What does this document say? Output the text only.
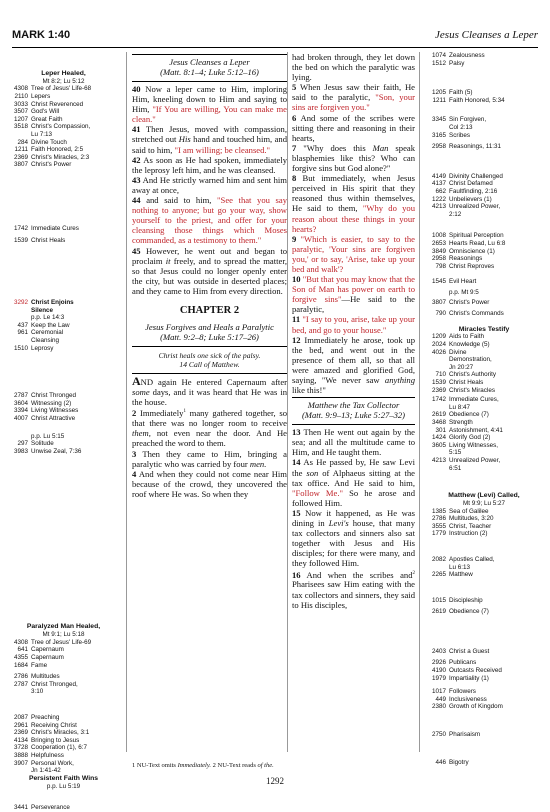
MARK 1:40	Jesus Cleanses a Leper
Leper Healed,
Mt 8:2; Lu 5:12
4308 Tree of Jesus' Life-68
2110 Lepers
3033 Christ Reverenced
3507 God's Will
1207 Great Faith
3518 Christ's Compassion,
Lu 7:13
284 Divine Touch
1211 Faith Honored, 2:5
2369 Christ's Miracles, 2:3
3807 Christ's Power
1742 Immediate Cures
1539 Christ Heals
3292 Christ Enjoins
Silence
p.p. Le 14:3
437 Keep the Law
961 Ceremonial
Cleansing
1510 Leprosy
2787 Christ Thronged
3604 Witnessing (2)
3394 Living Witnesses
4007 Christ Attractive
p.p. Lu 5:15
297 Solitude
3983 Unwise Zeal, 7:36
Paralyzed Man Healed,
Mt 9:1; Lu 5:18
4308 Tree of Jesus' Life-69
641 Capernaum
4355 Capernaum
1684 Fame
2786 Multitudes
2787 Christ Thronged,
3:10
2087 Preaching
2961 Receiving Christ
2369 Christ's Miracles, 3:1
4134 Bringing to Jesus
3728 Cooperation (1), 6:7
3888 Helpfulness
3907 Personal Work,
Jn 1:41-42
Persistent Faith Wins
p.p. Lu 5:19
3441 Perseverance
Jesus Cleanses a Leper
(Matt. 8:1–4; Luke 5:12–16)

40 Now a leper came to Him, imploring Him, kneeling down to Him and saying to Him, "If You are willing, You can make me clean."

41 Then Jesus, moved with compassion, stretched out His hand and touched him, and said to him, "I am willing; be cleansed."

42 As soon as He had spoken, immediately the leprosy left him, and he was cleansed.

43 And He strictly warned him and sent him away at once,

44 and said to him, "See that you say nothing to anyone; but go your way, show yourself to the priest, and offer for your cleansing those things which Moses commanded, as a testimony to them."

45 However, he went out and began to proclaim it freely, and to spread the matter, so that Jesus could no longer openly enter the city, but was outside in deserted places; and they came to Him from every direction.

CHAPTER 2
Jesus Forgives and Heals a Paralytic
(Matt. 9:2–8; Luke 5:17–26)
Christ heals one sick of the palsy.
14 Call of Matthew.

AND again He entered Capernaum after some days, and it was heard that He was in the house.

2 Immediately$^1$ many gathered together, so that there was no longer room to receive them, not even near the door. And He preached the word to them.

3 Then they came to Him, bringing a paralytic who was carried by four men.

4 And when they could not come near Him because of the crowd, they uncovered the roof where He was. So when they

had broken through, they let down the bed on which the paralytic was lying.

5 When Jesus saw their faith, He said to the paralytic, "Son, your sins are forgiven you."

6 And some of the scribes were sitting there and reasoning in their hearts,

7 "Why does this Man speak blasphemies like this? Who can forgive sins but God alone?"

8 But immediately, when Jesus perceived in His spirit that they reasoned thus within themselves, He said to them, "Why do you reason about these things in your hearts?

9 "Which is easier, to say to the paralytic, 'Your sins are forgiven you,' or to say, 'Arise, take up your bed and walk'?

10 "But that you may know that the Son of Man has power on earth to forgive sins"—He said to the paralytic,

11 "I say to you, arise, take up your bed, and go to your house."

12 Immediately he arose, took up the bed, and went out in the presence of them all, so that all were amazed and glorified God, saying, "We never saw anything like this!"

Matthew the Tax Collector
(Matt. 9:9–13; Luke 5:27–32)

13 Then He went out again by the sea; and all the multitude came to Him, and He taught them.

14 As He passed by, He saw Levi the son of Alphaeus sitting at the tax office. And He said to him, "Follow Me." So he arose and followed Him.

15 Now it happened, as He was dining in Levi's house, that many tax collectors and sinners also sat together with Jesus and His disciples; for there were many, and they followed Him.

16 And when the scribes and$^2$ Pharisees saw Him eating with the tax collectors and sinners, they said to His disciples,

1074 Zealousness
1512 Palsy
1205 Faith (5)
1211 Faith Honored, 5:34
3345 Sin Forgiven,
Col 2:13
3165 Scribes
2958 Reasonings, 11:31
4149 Divinity Challenged
4137 Christ Defamed
662 Faultfinding, 2:16
1222 Unbelievers (1)
4213 Unrealized Power,
2:12
1008 Spiritual Perception
2653 Hearts Read, Lu 6:8
3849 Omniscience (1)
2958 Reasonings
798 Christ Reproves
1545 Evil Heart
p.p. Mt 9:5
3807 Christ's Power
790 Christ's Commands
Miracles Testify
1209 Aids to Faith
2024 Knowledge (5)
4026 Divine
Demonstration,
Jn 20:27
710 Christ's Authority
1539 Christ Heals
2369 Christ's Miracles
1742 Immediate Cures,
Lu 8:47
2619 Obedience (7)
3468 Strength
301 Astonishment, 4:41
1424 Glorify God (2)
3605 Living Witnesses,
5:15
4213 Unrealized Power,
6:51
Matthew (Levi) Called,
Mt 9:9; Lu 5:27
1385 Sea of Galilee
2786 Multitudes, 3:20
3555 Christ, Teacher
1779 Instruction (2)
2082 Apostles Called,
Lu 6:13
2265 Matthew
1015 Discipleship
2619 Obedience (7)
2403 Christ a Guest
2926 Publicans
4190 Outcasts Received
1979 Impartiality (1)
1017 Followers
449 Inclusiveness
2380 Growth of Kingdom
2750 Pharisaism
446 Bigotry
1 NU-Text omits Immediately. 2 NU-Text reads of the.
1292
